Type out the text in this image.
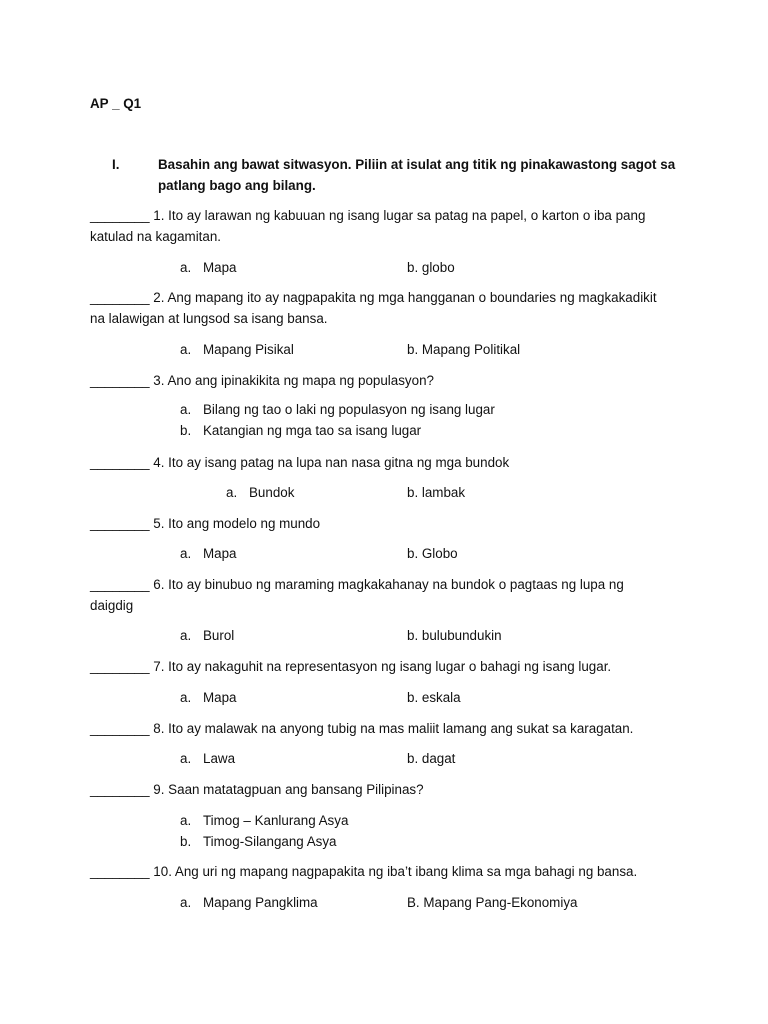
AP _ Q1
I.	Basahin ang bawat sitwasyon. Piliin at isulat ang titik ng pinakawastong sagot sa patlang bago ang bilang.
________ 1. Ito ay larawan ng kabuuan ng isang lugar sa patag na papel, o karton o iba pang katulad na kagamitan.
a. Mapa	b. globo
________ 2. Ang mapang ito ay nagpapakita ng mga hangganan o boundaries ng magkakadikit na lalawigan at lungsod sa isang bansa.
a. Mapang Pisikal	b. Mapang Politikal
________ 3. Ano ang ipinakikita ng mapa ng populasyon?
a. Bilang ng tao o laki ng populasyon ng isang lugar
b. Katangian ng mga tao sa isang lugar
________ 4. Ito ay isang patag na lupa nan nasa gitna ng mga bundok
a. Bundok	b. lambak
________ 5. Ito ang modelo ng mundo
a. Mapa	b. Globo
________ 6. Ito ay binubuo ng maraming magkakahanay na bundok o pagtaas ng lupa ng daigdig
a. Burol	b. bulubundukin
________ 7. Ito ay nakaguhit na representasyon ng isang lugar o bahagi ng isang lugar.
a. Mapa	b. eskala
________ 8. Ito ay malawak na anyong tubig na mas maliit lamang ang sukat sa karagatan.
a. Lawa	b. dagat
________ 9. Saan matatagpuan ang bansang Pilipinas?
a. Timog – Kanlurang Asya
b. Timog-Silangang Asya
________ 10. Ang uri ng mapang nagpapakita ng iba’t ibang klima sa mga bahagi ng bansa.
a. Mapang Pangklima	B. Mapang Pang-Ekonomiya
